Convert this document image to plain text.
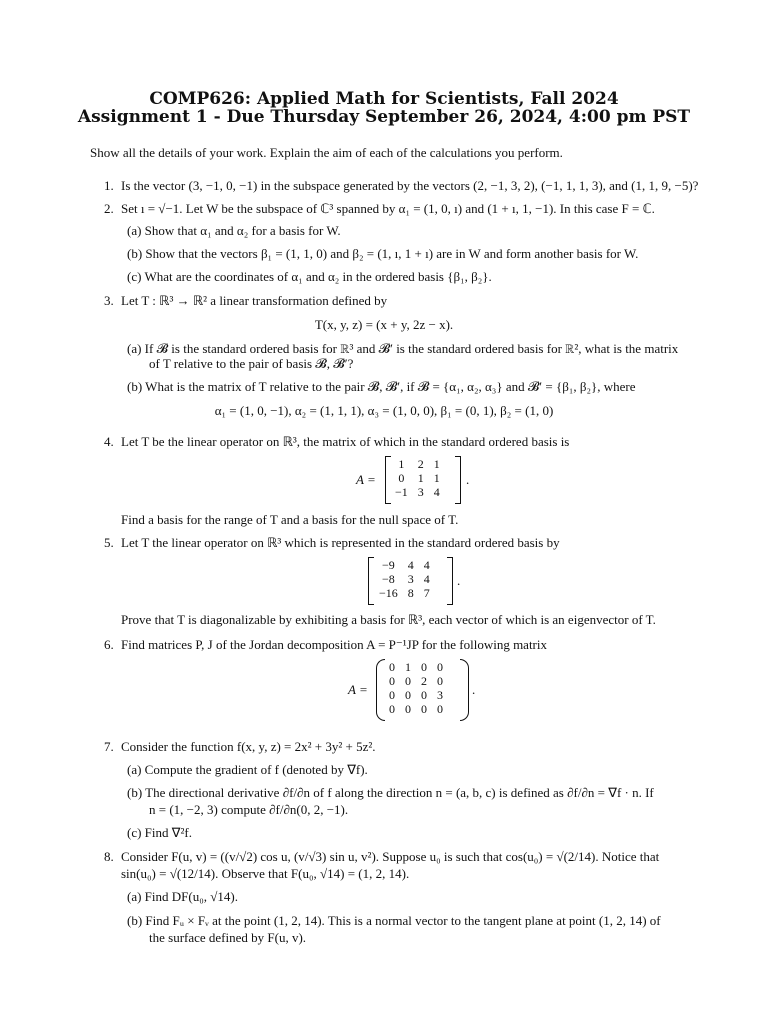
COMP626: Applied Math for Scientists, Fall 2024
Assignment 1 - Due Thursday September 26, 2024, 4:00 pm PST
Show all the details of your work. Explain the aim of each of the calculations you perform.
1. Is the vector (3, −1, 0, −1) in the subspace generated by the vectors (2, −1, 3, 2), (−1, 1, 1, 3), and (1, 1, 9, −5)?
2. Set ı = √−1. Let W be the subspace of ℂ³ spanned by α₁ = (1, 0, ı) and (1 + ı, 1, −1). In this case F = ℂ.
(a) Show that α₁ and α₂ for a basis for W.
(b) Show that the vectors β₁ = (1, 1, 0) and β₂ = (1, ı, 1 + ı) are in W and form another basis for W.
(c) What are the coordinates of α₁ and α₂ in the ordered basis {β₁, β₂}.
3. Let T : ℝ³ → ℝ² a linear transformation defined by
T(x, y, z) = (x + y, 2z − x).
(a) If 𝓑 is the standard ordered basis for ℝ³ and 𝓑′ is the standard ordered basis for ℝ², what is the matrix
of T relative to the pair of basis 𝓑, 𝓑′?
(b) What is the matrix of T relative to the pair 𝓑, 𝓑′, if 𝓑 = {α₁, α₂, α₃} and 𝓑′ = {β₁, β₂}, where
α₁ = (1, 0, −1), α₂ = (1, 1, 1), α₃ = (1, 0, 0), β₁ = (0, 1), β₂ = (1, 0)
4. Let T be the linear operator on ℝ³, the matrix of which in the standard ordered basis is
A =
1	2	1
0	1	1
−1	3	4
.
Find a basis for the range of T and a basis for the null space of T.
5. Let T the linear operator on ℝ³ which is represented in the standard ordered basis by
−9	4	4
−8	3	4
−16	8	7
.
Prove that T is diagonalizable by exhibiting a basis for ℝ³, each vector of which is an eigenvector of T.
6. Find matrices P, J of the Jordan decomposition A = P⁻¹JP for the following matrix
A =
0	1	0	0
0	0	2	0
0	0	0	3
0	0	0	0
.
7. Consider the function f(x, y, z) = 2x² + 3y² + 5z².
(a) Compute the gradient of f (denoted by ∇f).
(b) The directional derivative ∂f/∂n of f along the direction n = (a, b, c) is defined as ∂f/∂n = ∇f · n. If
n = (1, −2, 3) compute ∂f/∂n(0, 2, −1).
(c) Find ∇²f.
8. Consider F(u, v) = ((v/√2) cos u, (v/√3) sin u, v²). Suppose u₀ is such that cos(u₀) = √(2/14). Notice that
sin(u₀) = √(12/14). Observe that F(u₀, √14) = (1, 2, 14).
(a) Find DF(u₀, √14).
(b) Find Fᵤ × Fᵥ at the point (1, 2, 14). This is a normal vector to the tangent plane at point (1, 2, 14) of
the surface defined by F(u, v).
